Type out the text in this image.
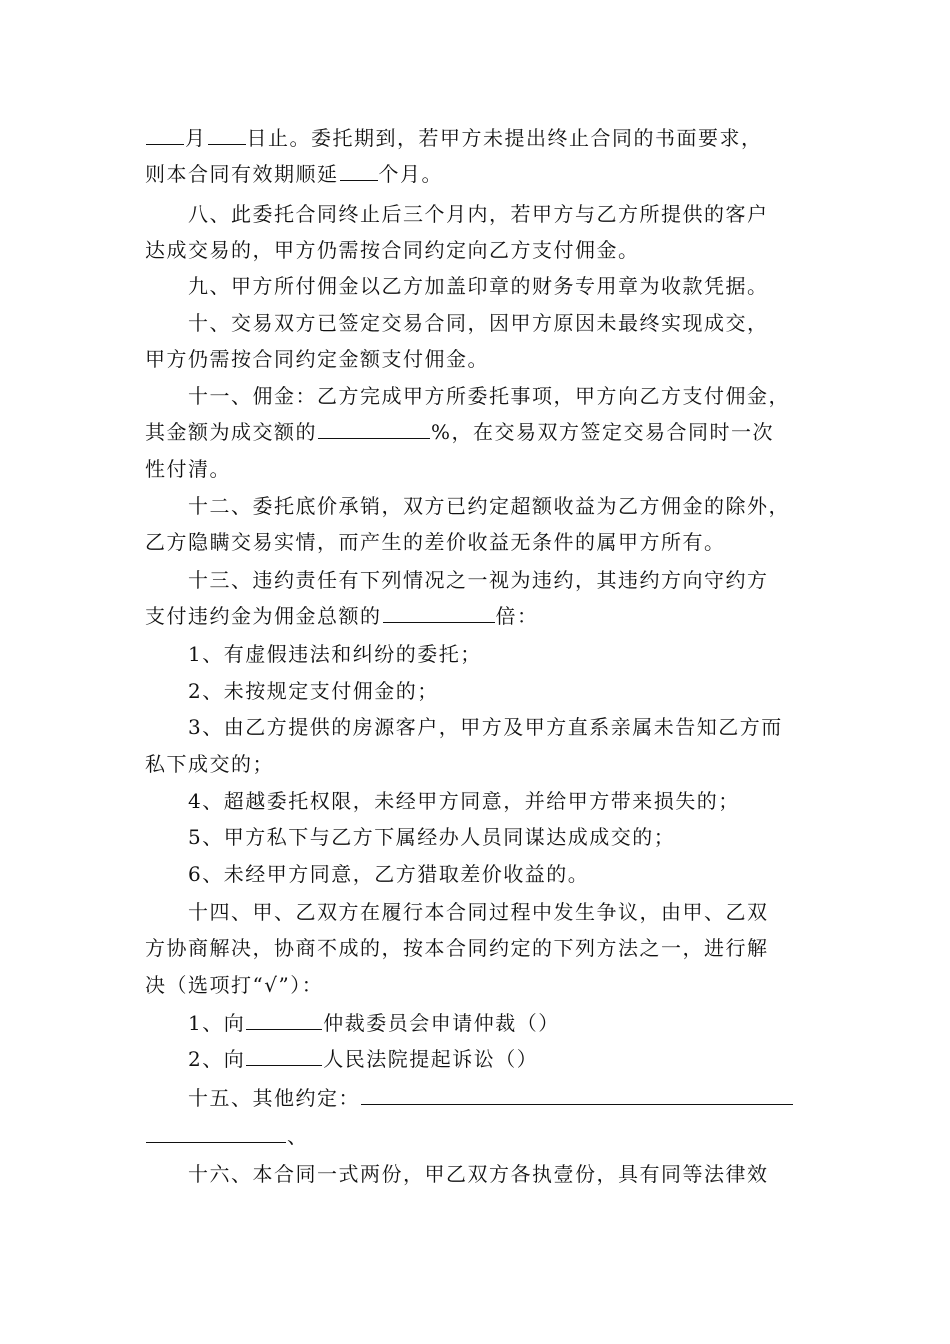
月 日止。委托期到，若甲方未提出终止合同的书面要求，
则本合同有效期顺延 个月。
八、此委托合同终止后三个月内，若甲方与乙方所提供的客户
达成交易的，甲方仍需按合同约定向乙方支付佣金。
九、甲方所付佣金以乙方加盖印章的财务专用章为收款凭据。
十、交易双方已签定交易合同，因甲方原因未最终实现成交，
甲方仍需按合同约定金额支付佣金。
十一、佣金：乙方完成甲方所委托事项，甲方向乙方支付佣金，
其金额为成交额的	%，在交易双方签定交易合同时一次
性付清。
十二、委托底价承销，双方已约定超额收益为乙方佣金的除外，
乙方隐瞒交易实情，而产生的差价收益无条件的属甲方所有。
十三、违约责任有下列情况之一视为违约，其违约方向守约方
支付违约金为佣金总额的	倍：
1、有虚假违法和纠纷的委托；
2、未按规定支付佣金的；
3、由乙方提供的房源客户，甲方及甲方直系亲属未告知乙方而
私下成交的；
4、超越委托权限，未经甲方同意，并给甲方带来损失的；
5、甲方私下与乙方下属经办人员同谋达成成交的；
6、未经甲方同意，乙方猎取差价收益的。
十四、甲、乙双方在履行本合同过程中发生争议，由甲、乙双
方协商解决，协商不成的，按本合同约定的下列方法之一，进行解
决（选项打“√”）：
1、向	仲裁委员会申请仲裁（）
2、向	人民法院提起诉讼（）
十五、其他约定：
、
十六、本合同一式两份，甲乙双方各执壹份，具有同等法律效
